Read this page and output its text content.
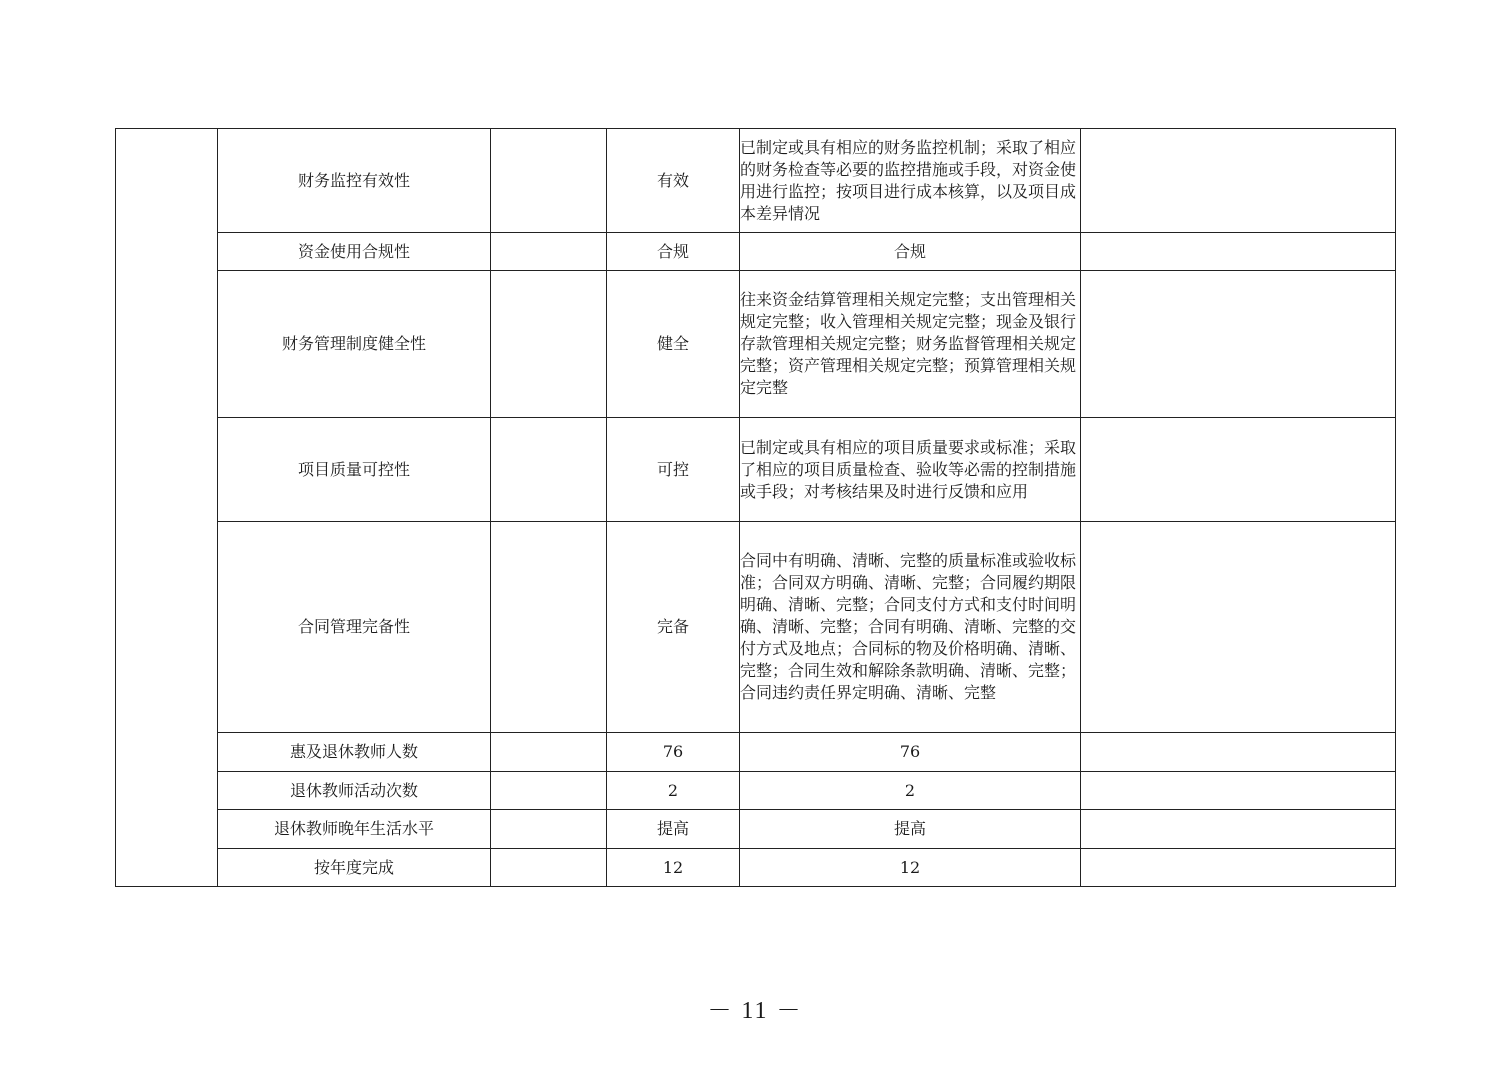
	财务监控有效性		有效	已制定或具有相应的财务监控机制；采取了相应的财务检查等必要的监控措施或手段，对资金使用进行监控；按项目进行成本核算，以及项目成本差异情况	

	资金使用合规性		合规	合规	
	财务管理制度健全性		健全	往来资金结算管理相关规定完整；支出管理相关规定完整；收入管理相关规定完整；现金及银行存款管理相关规定完整；财务监督管理相关规定完整；资产管理相关规定完整；预算管理相关规定完整	

	项目质量可控性		可控	已制定或具有相应的项目质量要求或标准；采取了相应的项目质量检查、验收等必需的控制措施或手段；对考核结果及时进行反馈和应用	

	合同管理完备性		完备	合同中有明确、清晰、完整的质量标准或验收标准；合同双方明确、清晰、完整；合同履约期限明确、清晰、完整；合同支付方式和支付时间明确、清晰、完整；合同有明确、清晰、完整的交付方式及地点；合同标的物及价格明确、清晰、完整；合同生效和解除条款明确、清晰、完整；合同违约责任界定明确、清晰、完整	

	惠及退休教师人数		76	76	
	退休教师活动次数		2	2	
	退休教师晚年生活水平		提高	提高	
	按年度完成		12	12	
－ 11 －
